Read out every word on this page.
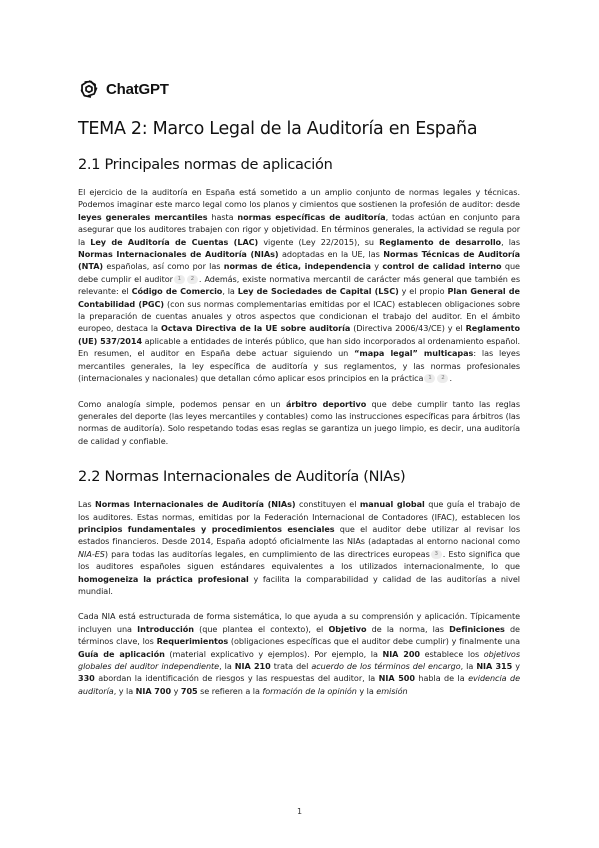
ChatGPT
TEMA 2: Marco Legal de la Auditoría en España
2.1 Principales normas de aplicación

El ejercicio de la auditoría en España está sometido a un amplio conjunto de normas legales y técnicas. Podemos imaginar este marco legal como los planos y cimientos que sostienen la profesión de auditor: desde leyes generales mercantiles hasta normas específicas de auditoría, todas actúan en conjunto para asegurar que los auditores trabajen con rigor y objetividad. En términos generales, la actividad se regula por la Ley de Auditoría de Cuentas (LAC) vigente (Ley 22/2015), su Reglamento de desarrollo, las Normas Internacionales de Auditoría (NIAs) adoptadas en la UE, las Normas Técnicas de Auditoría (NTA) españolas, así como por las normas de ética, independencia y control de calidad interno que debe cumplir el auditor 1 2 . Además, existe normativa mercantil de carácter más general que también es relevante: el Código de Comercio, la Ley de Sociedades de Capital (LSC) y el propio Plan General de Contabilidad (PGC) (con sus normas complementarias emitidas por el ICAC) establecen obligaciones sobre la preparación de cuentas anuales y otros aspectos que condicionan el trabajo del auditor. En el ámbito europeo, destaca la Octava Directiva de la UE sobre auditoría (Directiva 2006/43/CE) y el Reglamento (UE) 537/2014 aplicable a entidades de interés público, que han sido incorporados al ordenamiento español. En resumen, el auditor en España debe actuar siguiendo un “mapa legal” multicapas: las leyes mercantiles generales, la ley específica de auditoría y sus reglamentos, y las normas profesionales (internacionales y nacionales) que detallan cómo aplicar esos principios en la práctica 1 2 .

Como analogía simple, podemos pensar en un árbitro deportivo que debe cumplir tanto las reglas generales del deporte (las leyes mercantiles y contables) como las instrucciones específicas para árbitros (las normas de auditoría). Solo respetando todas esas reglas se garantiza un juego limpio, es decir, una auditoría de calidad y confiable.

2.2 Normas Internacionales de Auditoría (NIAs)

Las Normas Internacionales de Auditoría (NIAs) constituyen el manual global que guía el trabajo de los auditores. Estas normas, emitidas por la Federación Internacional de Contadores (IFAC), establecen los principios fundamentales y procedimientos esenciales que el auditor debe utilizar al revisar los estados financieros. Desde 2014, España adoptó oficialmente las NIAs (adaptadas al entorno nacional como NIA-ES) para todas las auditorías legales, en cumplimiento de las directrices europeas 3 . Esto significa que los auditores españoles siguen estándares equivalentes a los utilizados internacionalmente, lo que homogeneiza la práctica profesional y facilita la comparabilidad y calidad de las auditorías a nivel mundial.

Cada NIA está estructurada de forma sistemática, lo que ayuda a su comprensión y aplicación. Típicamente incluyen una Introducción (que plantea el contexto), el Objetivo de la norma, las Definiciones de términos clave, los Requerimientos (obligaciones específicas que el auditor debe cumplir) y finalmente una Guía de aplicación (material explicativo y ejemplos). Por ejemplo, la NIA 200 establece los objetivos globales del auditor independiente, la NIA 210 trata del acuerdo de los términos del encargo, la NIA 315 y 330 abordan la identificación de riesgos y las respuestas del auditor, la NIA 500 habla de la evidencia de auditoría, y la NIA 700 y 705 se refieren a la formación de la opinión y la emisión

1
